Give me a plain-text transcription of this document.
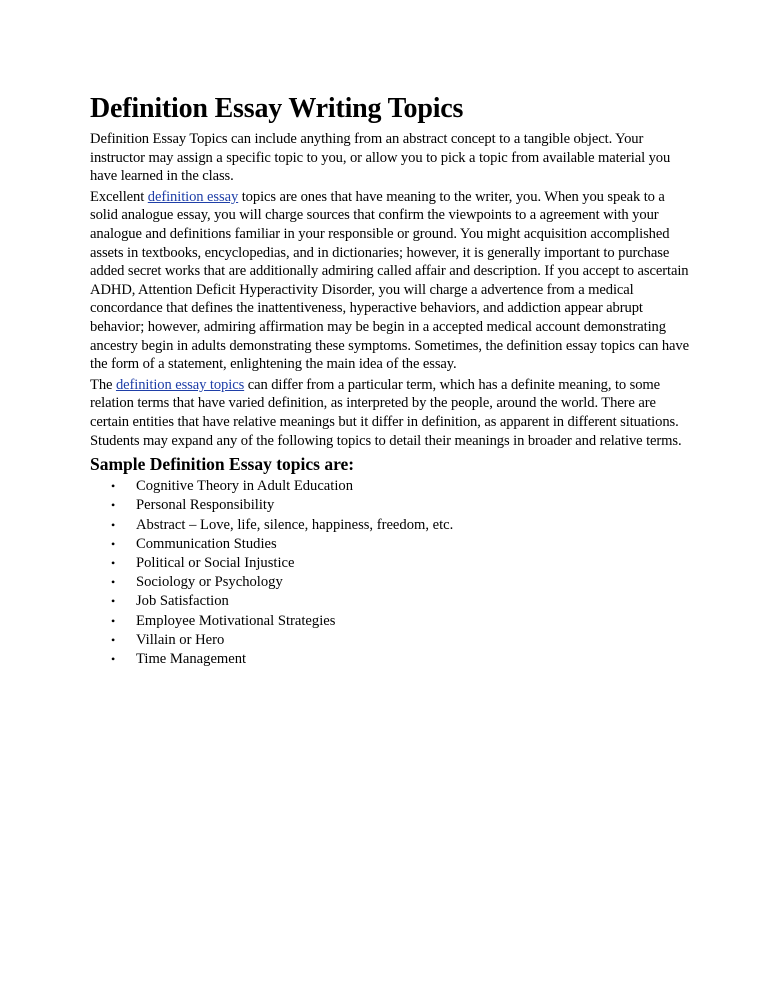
Definition Essay Writing Topics

Definition Essay Topics can include anything from an abstract concept to a tangible object. Your instructor may assign a specific topic to you, or allow you to pick a topic from available material you have learned in the class.

Excellent definition essay topics are ones that have meaning to the writer, you. When you speak to a solid analogue essay, you will charge sources that confirm the viewpoints to a agreement with your analogue and definitions familiar in your responsible or ground. You might acquisition accomplished assets in textbooks, encyclopedias, and in dictionaries; however, it is generally important to purchase added secret works that are additionally admiring called affair and description. If you accept to ascertain ADHD, Attention Deficit Hyperactivity Disorder, you will charge a advertence from a medical concordance that defines the inattentiveness, hyperactive behaviors, and addiction appear abrupt behavior; however, admiring affirmation may be begin in a accepted medical account demonstrating ancestry begin in adults demonstrating these symptoms. Sometimes, the definition essay topics can have the form of a statement, enlightening the main idea of the essay.

The definition essay topics can differ from a particular term, which has a definite meaning, to some relation terms that have varied definition, as interpreted by the people, around the world. There are certain entities that have relative meanings but it differ in definition, as apparent in different situations. Students may expand any of the following topics to detail their meanings in broader and relative terms.

Sample Definition Essay topics are:
•	Cognitive Theory in Adult Education
•	Personal Responsibility
•	Abstract – Love, life, silence, happiness, freedom, etc.
•	Communication Studies
•	Political or Social Injustice
•	Sociology or Psychology
•	Job Satisfaction
•	Employee Motivational Strategies
•	Villain or Hero
•	Time Management
